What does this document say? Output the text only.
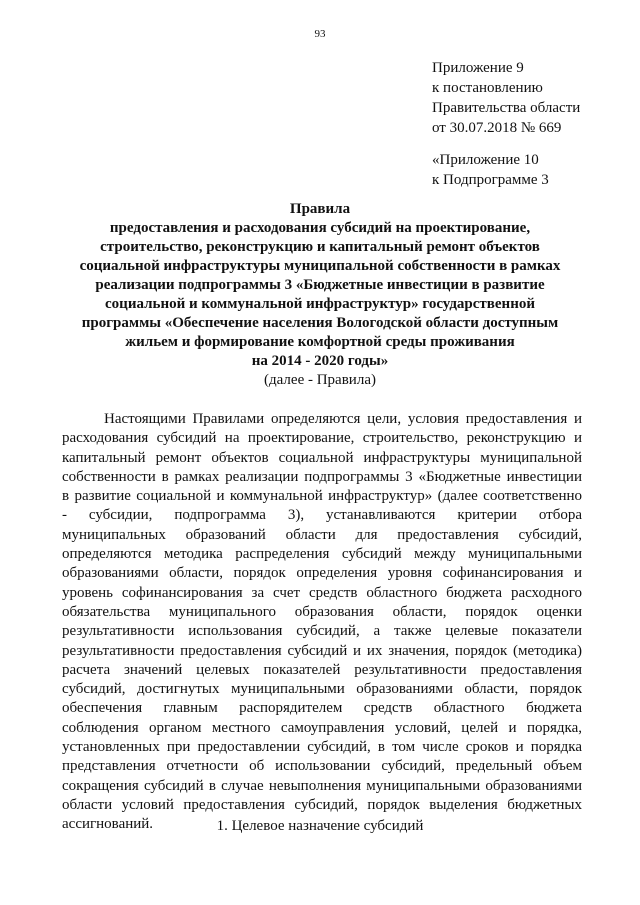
93
Приложение 9
к постановлению
Правительства области
от 30.07.2018 № 669
«Приложение 10
к Подпрограмме 3
Правила
предоставления и расходования субсидий на проектирование,
строительство, реконструкцию и капитальный ремонт объектов
социальной инфраструктуры муниципальной собственности в рамках
реализации подпрограммы 3 «Бюджетные инвестиции в развитие
социальной и коммунальной инфраструктур» государственной
программы «Обеспечение населения Вологодской области доступным
жильем и формирование комфортной среды проживания
на 2014 - 2020 годы»
(далее - Правила)
Настоящими Правилами определяются цели, условия предоставления и
расходования субсидий на проектирование, строительство, реконструкцию и
капитальный ремонт объектов социальной инфраструктуры муниципальной
собственности в рамках реализации подпрограммы 3 «Бюджетные инвестиции
в развитие социальной и коммунальной инфраструктур» (далее соответственно
- субсидии, подпрограмма 3), устанавливаются критерии отбора
муниципальных образований области для предоставления субсидий,
определяются методика распределения субсидий между муниципальными
образованиями области, порядок определения уровня софинансирования и
уровень софинансирования за счет средств областного бюджета расходного
обязательства муниципального образования области, порядок оценки
результативности использования субсидий, а также целевые показатели
результативности предоставления субсидий и их значения, порядок (методика)
расчета значений целевых показателей результативности предоставления
субсидий, достигнутых муниципальными образованиями области, порядок
обеспечения главным распорядителем средств областного бюджета
соблюдения органом местного самоуправления условий, целей и порядка,
установленных при предоставлении субсидий, в том числе сроков и порядка
представления отчетности об использовании субсидий, предельный объем
сокращения субсидий в случае невыполнения муниципальными образованиями
области условий предоставления субсидий, порядок выделения бюджетных
ассигнований.	1. Целевое назначение субсидий
